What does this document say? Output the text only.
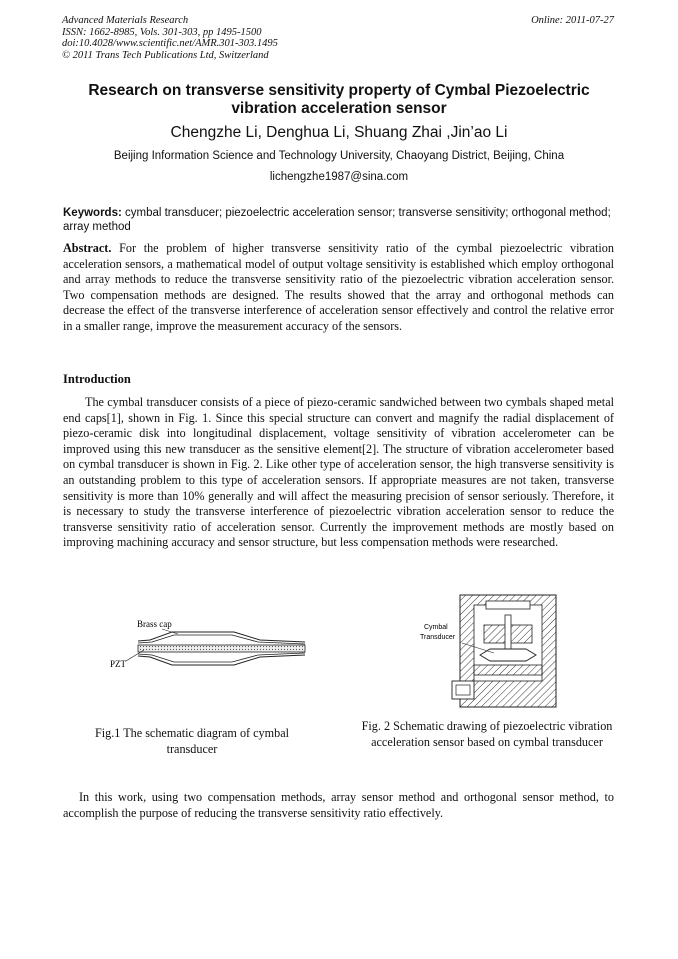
Advanced Materials Research
ISSN: 1662-8985, Vols. 301-303, pp 1495-1500
doi:10.4028/www.scientific.net/AMR.301-303.1495
© 2011 Trans Tech Publications Ltd, Switzerland
Online: 2011-07-27
Research on transverse sensitivity property of Cymbal Piezoelectric
vibration acceleration sensor
Chengzhe Li, Denghua Li, Shuang Zhai ,Jin’ao Li
Beijing Information Science and Technology University, Chaoyang District, Beijing, China
lichengzhe1987@sina.com
Keywords: cymbal transducer; piezoelectric acceleration sensor; transverse sensitivity; orthogonal method; array method
Abstract. For the problem of higher transverse sensitivity ratio of the cymbal piezoelectric vibration acceleration sensors, a mathematical model of output voltage sensitivity is established which employ orthogonal and array methods to reduce the transverse sensitivity ratio of the piezoelectric vibration acceleration sensor. Two compensation methods are designed. The results showed that the array and orthogonal methods can decrease the effect of the transverse interference of acceleration sensor effectively and control the relative error in a smaller range, improve the measurement accuracy of the sensors.
Introduction
The cymbal transducer consists of a piece of piezo-ceramic sandwiched between two cymbals shaped metal end caps[1], shown in Fig. 1. Since this special structure can convert and magnify the radial displacement of piezo-ceramic disk into longitudinal displacement, voltage sensitivity of vibration accelerometer can be improved using this new transducer as the sensitive element[2]. The structure of vibration accelerometer based on cymbal transducer is shown in Fig. 2. Like other type of acceleration sensor, the high transverse sensitivity is an outstanding problem to this type of acceleration sensors. If appropriate measures are not taken, transverse sensitivity is more than 10% generally and will affect the measuring precision of sensor seriously. Therefore, it is necessary to study the transverse interference of piezoelectric vibration acceleration sensor to reduce the transverse sensitivity ratio of acceleration sensor. Currently the improvement methods are mostly based on improving machining accuracy and sensor structure, but less compensation methods were researched.
Brass cap
PZT
Cymbal
Transducer
Fig.1 The schematic diagram of cymbal transducer
Fig. 2 Schematic drawing of piezoelectric vibration acceleration sensor based on cymbal transducer
In this work, using two compensation methods, array sensor method and orthogonal sensor method, to accomplish the purpose of reducing the transverse sensitivity ratio effectively.
